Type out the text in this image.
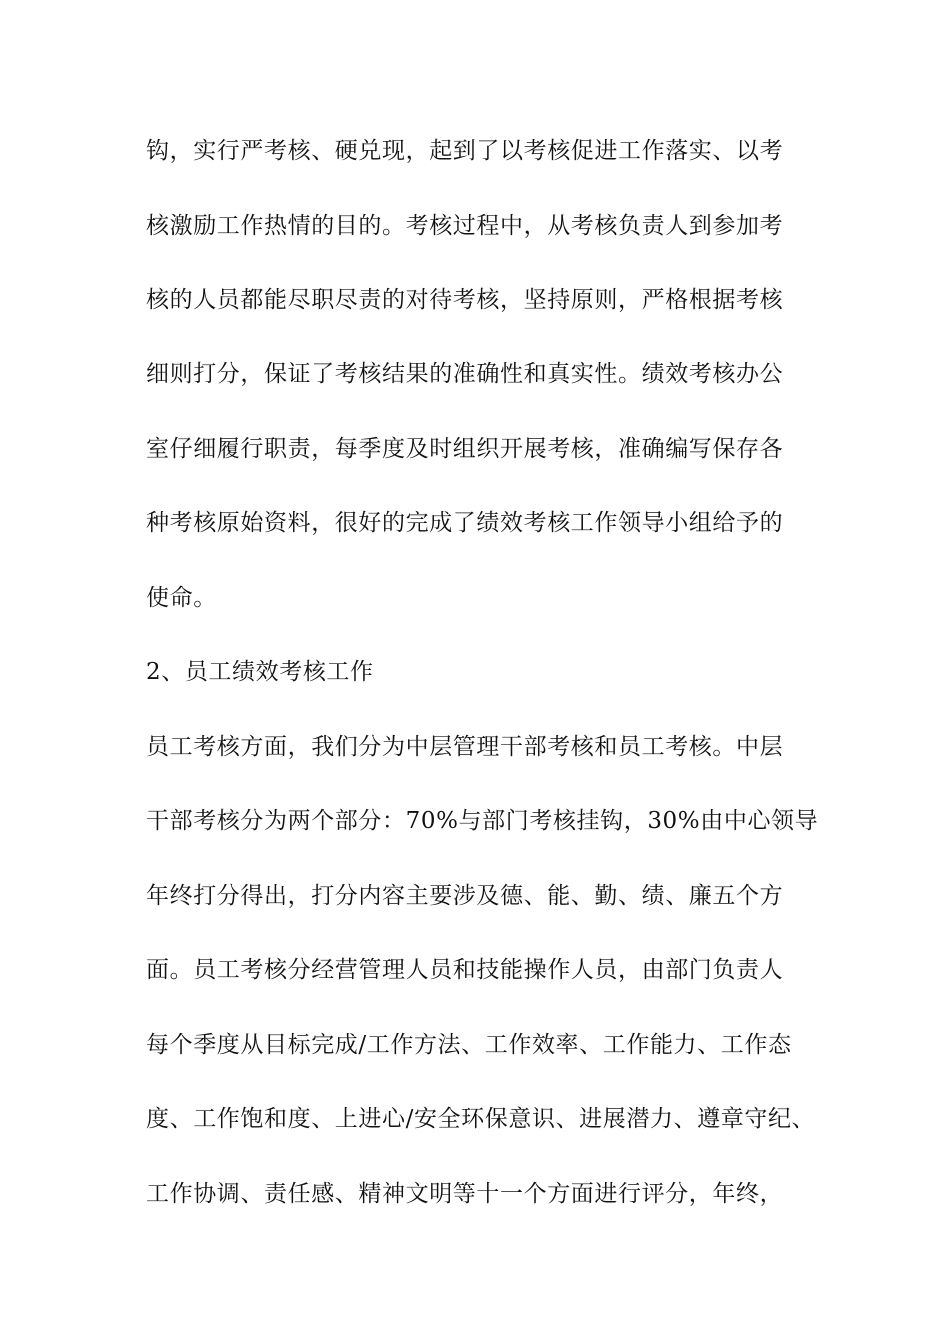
钩，实行严考核、硬兑现，起到了以考核促进工作落实、以考
核激励工作热情的目的。考核过程中，从考核负责人到参加考
核的人员都能尽职尽责的对待考核，坚持原则，严格根据考核
细则打分，保证了考核结果的准确性和真实性。绩效考核办公
室仔细履行职责，每季度及时组织开展考核，准确编写保存各
种考核原始资料，很好的完成了绩效考核工作领导小组给予的
使命。
2、员工绩效考核工作
员工考核方面，我们分为中层管理干部考核和员工考核。中层
干部考核分为两个部分：70%与部门考核挂钩，30%由中心领导
年终打分得出，打分内容主要涉及德、能、勤、绩、廉五个方
面。员工考核分经营管理人员和技能操作人员，由部门负责人
每个季度从目标完成/工作方法、工作效率、工作能力、工作态
度、工作饱和度、上进心/安全环保意识、进展潜力、遵章守纪、
工作协调、责任感、精神文明等十一个方面进行评分，年终，
